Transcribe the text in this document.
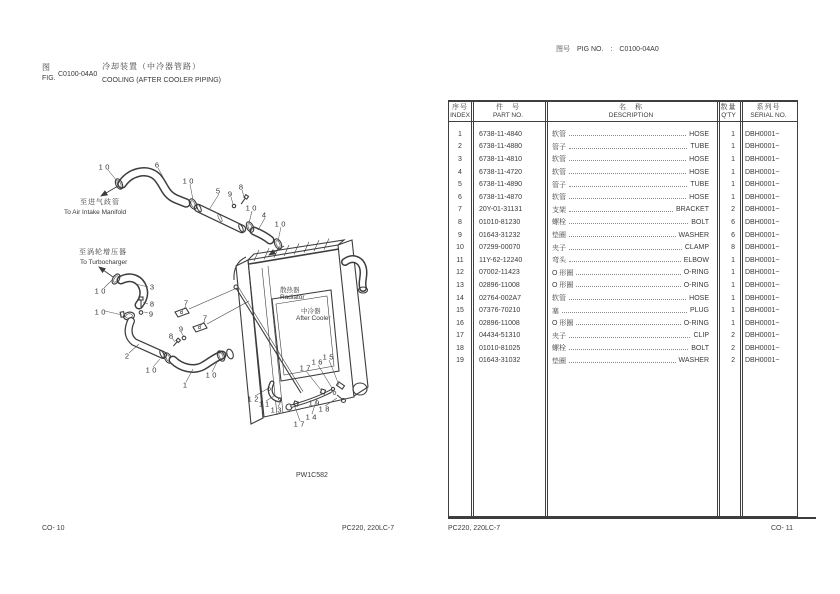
图
FIG.
C0100-04A0
冷却装置（中冷器管路）
COOLING (AFTER COOLER PIPING)
图号 PIG NO. : C0100-04A0
至进气歧管
To Air Intake Manifold
至涡轮增压器
To Turbocharger
散热器
Radiator
中冷器
After Cooler
10	6
10
5 9
8
10
4
10
10	3
10
8
9
7
7
9
8
2
10
1
10
12
11
13
17
14
17
19
18
16
15
PW1C582
序号
INDEX
件　号
PART NO.
名　称
DESCRIPTION
数量
Q'TY
系列号
SERIAL NO.
1	6738-11-4840	软管	HOSE	1	DBH0001~
2	6738-11-4880	管子	TUBE	1	DBH0001~
3	6738-11-4810	软管	HOSE	1	DBH0001~
4	6738-11-4720	软管	HOSE	1	DBH0001~
5	6738-11-4890	管子	TUBE	1	DBH0001~
6	6738-11-4870	软管	HOSE	1	DBH0001~
7	20Y-01-31131	支架	BRACKET	2	DBH0001~
8	01010-81230	螺栓	BOLT	6	DBH0001~
9	01643-31232	垫圈	WASHER	6	DBH0001~
10	07299-00070	夹子	CLAMP	8	DBH0001~
11	11Y-62-12240	弯头	ELBOW	1	DBH0001~
12	07002-11423	O 形圈	O-RING	1	DBH0001~
13	02896-11008	O 形圈	O-RING	1	DBH0001~
14	02764-002A7	软管	HOSE	1	DBH0001~
15	07376-70210	塞	PLUG	1	DBH0001~
16	02896-11008	O 形圈	O-RING	1	DBH0001~
17	04434-51310	夹子	CLIP	2	DBH0001~
18	01010-81025	螺栓	BOLT	2	DBH0001~
19	01643-31032	垫圈	WASHER	2	DBH0001~
CO- 10	PC220, 220LC-7	PC220, 220LC-7	CO- 11
